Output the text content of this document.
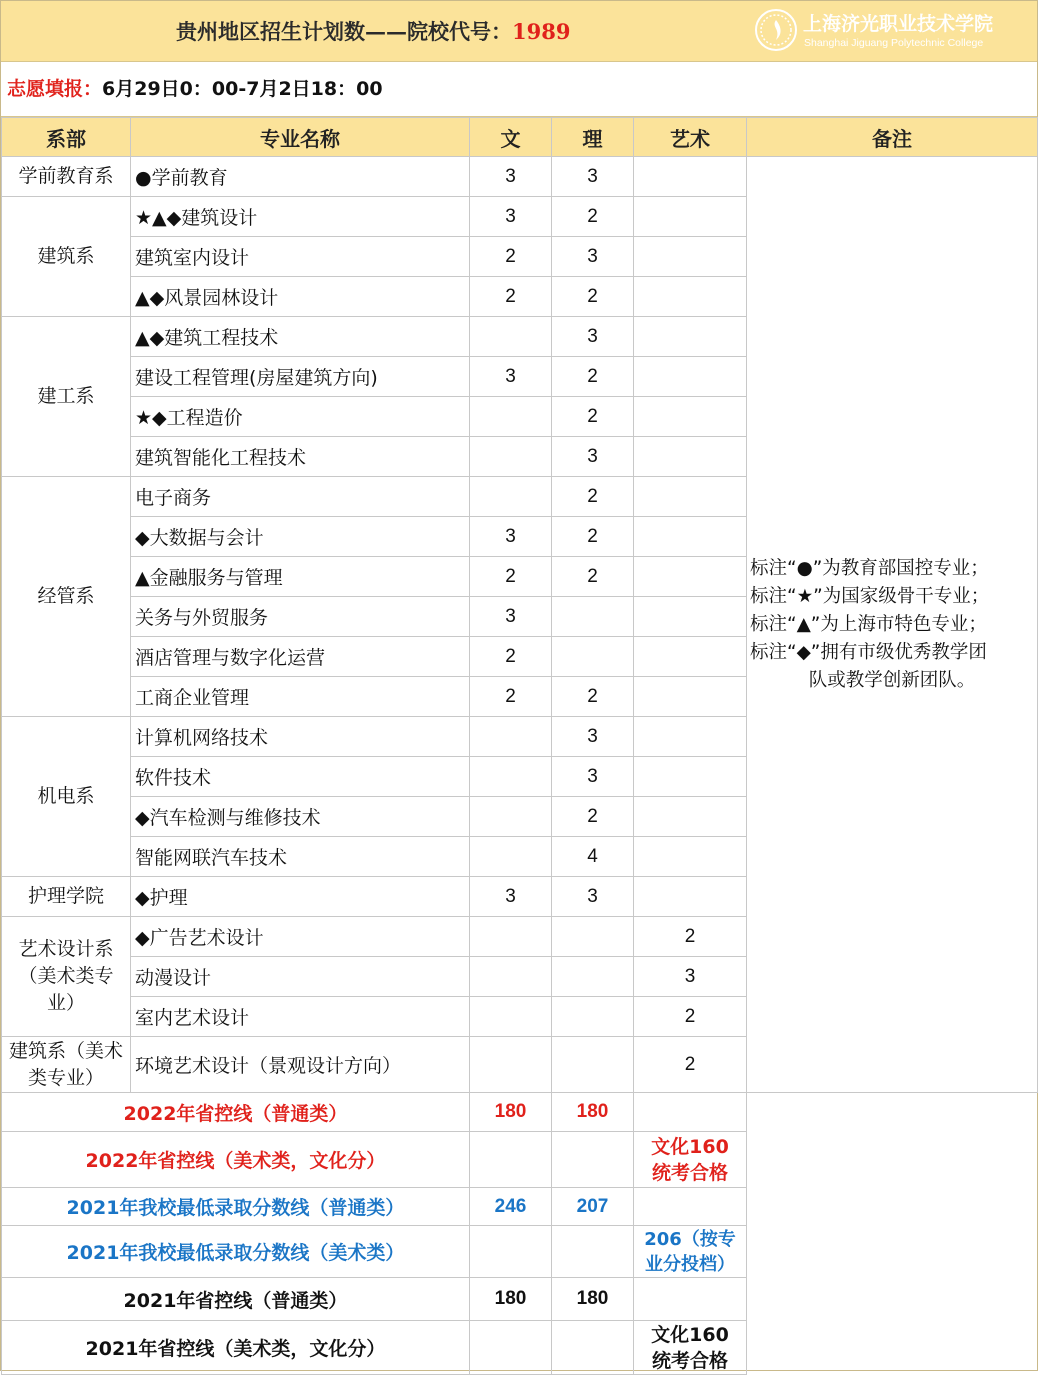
贵州地区招生计划数——院校代号：1989	上海济光职业技术学院
Shanghai Jiguang Polytechnic College
志愿填报：6月29日0：00-7月2日18：00
系部	专业名称	文	理	艺术	备注
学前教育系	●学前教育	3	3		标注“●”为教育部国控专业；
标注“★”为国家级骨干专业；
标注“▲”为上海市特色专业；
标注“◆”拥有市级优秀教学团
队或教学创新团队。

建筑系	★▲◆建筑设计	3	2		
	建筑室内设计	2	3		
	▲◆风景园林设计	2	2		
建工系	▲◆建筑工程技术		3		
	建设工程管理(房屋建筑方向)	3	2		
	★◆工程造价		2		
	建筑智能化工程技术		3		
经管系	电子商务		2		
	◆大数据与会计	3	2		
	▲金融服务与管理	2	2		
	关务与外贸服务	3			
	酒店管理与数字化运营	2			
	工商企业管理	2	2		
机电系	计算机网络技术		3		
	软件技术		3		
	◆汽车检测与维修技术		2		
	智能网联汽车技术		4		
护理学院	◆护理	3	3		
艺术设计系（美术类专业）	◆广告艺术设计			2	
	动漫设计			3	
	室内艺术设计			2	
建筑系（美术类专业）	环境艺术设计（景观设计方向）			2	
2022年省控线（普通类）		180	180		
2022年省控线（美术类，文化分）				文化160
统考合格	

2021年我校最低录取分数线（普通类）		246	207		
2021年我校最低录取分数线（美术类）				206（按专
业分投档）	

2021年省控线（普通类）		180	180		
2021年省控线（美术类，文化分）				文化160
统考合格	
